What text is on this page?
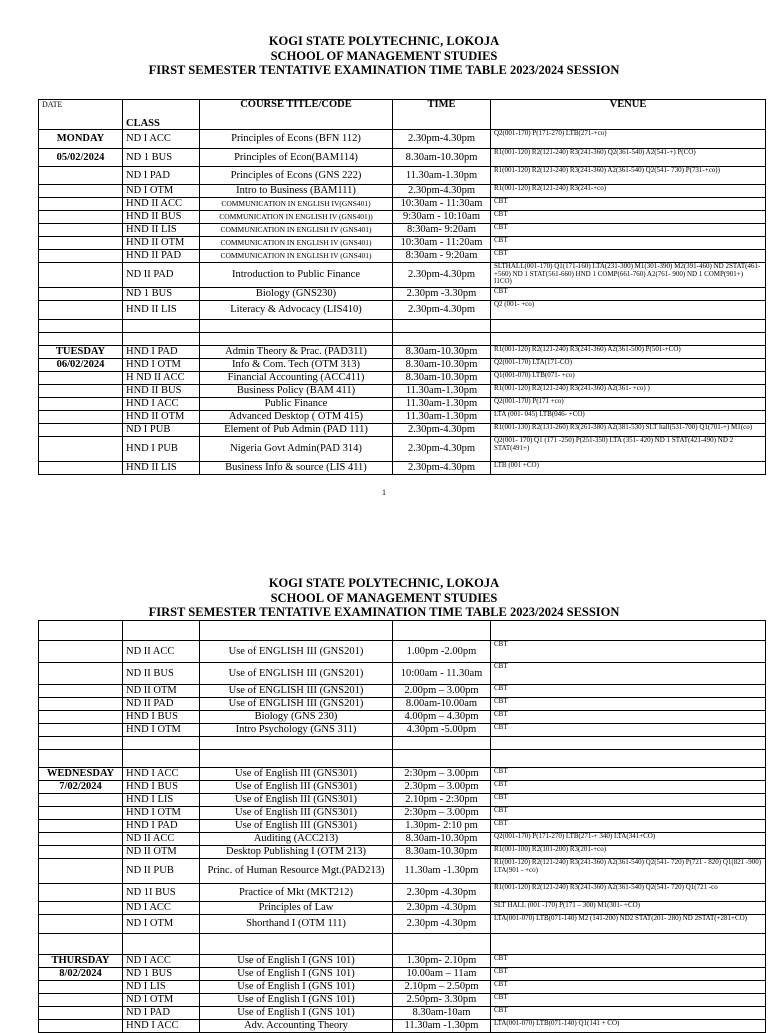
KOGI STATE POLYTECHNIC, LOKOJA
SCHOOL OF MANAGEMENT STUDIES
FIRST SEMESTER TENTATIVE EXAMINATION TIME TABLE 2023/2024 SESSION
DATE	CLASS	COURSE TITLE/CODE	TIME	VENUE
MONDAY	ND I ACC	Principles of Econs (BFN 112)	2.30pm-4.30pm	Q2(001-170) P(171-270) LTB(271-+co)
05/02/2024	ND 1 BUS	Principles of Econ(BAM114)	8.30am-10.30pm	R1(001-120) R2(121-240) R3(241-360) Q2(361-540) A2(541-+) P(CO)
	ND I PAD	Principles of Econs (GNS 222)	11.30am-1.30pm	R1(001-120) R2(121-240) R3(241-360) A2(361-540) Q2(541- 730) P(731-+co))
	ND I OTM	Intro to Business (BAM111)	2.30pm-4.30pm	R1(001-120) R2(121-240) R3(241-+co)
	HND II ACC	COMMUNICATION IN ENGLISH IV(GNS401)	10:30am - 11:30am	CBT
	HND II BUS	COMMUNICATION IN ENGLISH IV (GNS401))	9:30am - 10:10am	CBT
	HND II LIS	COMMUNICATION IN ENGLISH IV (GNS401)	8:30am- 9:20am	CBT
	HND II OTM	COMMUNICATION IN ENGLISH IV (GNS401)	10:30am - 11:20am	CBT
	HND II PAD	COMMUNICATION IN ENGLISH IV (GNS401)	8:30am - 9:20am	CBT
	ND II PAD	Introduction to Public Finance	2.30pm-4.30pm	SLTHALL(001-170) Q1(171-160) LTA(231-300) M1(301-390) M2(391-460) ND 2STAT(461-+560) ND 1 STAT(561-660) HND 1 COMP(661-760) A2(761- 900) ND 1 COMP(901+) I1CO)
	ND 1 BUS	Biology (GNS230)	2.30pm -3.30pm	CBT
	HND II LIS	Literacy & Advocacy (LIS410)	2.30pm-4.30pm	Q2 (001- +co)

TUESDAY	HND I PAD	Admin Theory & Prac. (PAD311)	8.30am-10.30pm	R1(001-120) R2(121-240) R3(241-360) A2(361-500) P(501-+CO)
06/02/2024	HND I OTM	Info & Com. Tech (OTM 313)	8.30am-10.30pm	Q2(001-170) LTA(171-CO)
	H ND II ACC	Financial Accounting (ACC411)	8.30am-10.30pm	Q1(001-070) LTB(071- +co)
	HND II BUS	Business Policy (BAM 411)	11.30am-1.30pm	R1(001-120) R2(121-240) R3(241-360) A2(361- +co) )
	HND I ACC	Public Finance	11.30am-1.30pm	Q2(001-170) P(171 +co)
	HND II OTM	Advanced Desktop ( OTM 415)	11.30am-1.30pm	LTA (001- 045) LTB(046- +CO)
	ND I PUB	Element of Pub Admin (PAD 111)	2.30pm-4.30pm	R1(001-130) R2(131-260) R3(261-380) A2(381-530) SLT hall(531-700) Q1(701-+) M1(co)
	HND I PUB	Nigeria Govt Admin(PAD 314)	2.30pm-4.30pm	Q2(001- 170) Q1 (171 -250) P(251-350) LTA (351- 420) ND 1 STAT(421-490) ND 2 STAT(491+)
	HND II LIS	Business Info & source (LIS 411)	2.30pm-4.30pm	LTB (001 +CO)
1
KOGI STATE POLYTECHNIC, LOKOJA
SCHOOL OF MANAGEMENT STUDIES
FIRST SEMESTER TENTATIVE EXAMINATION TIME TABLE 2023/2024 SESSION

	ND II ACC	Use of ENGLISH III (GNS201)	1.00pm -2.00pm	CBT
	ND II BUS	Use of ENGLISH III (GNS201)	10:00am - 11.30am	CBT
	ND II OTM	Use of ENGLISH III (GNS201)	2.00pm – 3.00pm	CBT
	ND II PAD	Use of ENGLISH III (GNS201)	8.00am-10.00am	CBT
	HND I BUS	Biology (GNS 230)	4.00pm – 4.30pm	CBT
	HND I OTM	Intro Psychology (GNS 311)	4.30pm -5.00pm	CBT

WEDNESDAY	HND I ACC	Use of English III (GNS301)	2:30pm – 3.00pm	CBT
7/02/2024	HND I BUS	Use of English III (GNS301)	2.30pm – 3.00pm	CBT
	HND I LIS	Use of English III (GNS301)	2.10pm - 2:30pm	CBT
	HND I OTM	Use of English III (GNS301)	2:30pm – 3.00pm	CBT
	HND I PAD	Use of English III (GNS301)	1.30pm- 2:10 pm	CBT
	ND II ACC	Auditing (ACC213)	8.30am-10.30pm	Q2(001-170) P(171-270) LTB(271-+ 340) LTA(341+CO)
	ND II OTM	Desktop Publishing I (OTM 213)	8.30am-10.30pm	R1(001-100) R2(101-200) R3(201-+co)
	ND II PUB	Princ. of Human Resource Mgt.(PAD213)	11.30am -1.30pm	R1(001-120) R2(121-240) R3(241-360) A2(361-540) Q2(541- 720) P(721 - 820) Q1(821 -900) LTA(901 - +co)
	ND 1I BUS	Practice of Mkt (MKT212)	2.30pm -4.30pm	R1(001-120) R2(121-240) R3(241-360) A2(361-540) Q2(541- 720) Q1(721 -co
	ND I ACC	Principles of Law	2.30pm -4.30pm	SLT HALL (001 -170) P(171 – 300) M1(301- +CO)
	ND I OTM	Shorthand I (OTM 111)	2.30pm -4.30pm	LTA(001-070) LTB(071-140) M2 (141-200) ND2 STAT(201- 280) ND 2STAT(+281+CO)

THURSDAY	ND I ACC	Use of English I (GNS 101)	1.30pm- 2.10pm	CBT
8/02/2024	ND 1 BUS	Use of English I (GNS 101)	10.00am – 11am	CBT
	ND I LIS	Use of English I (GNS 101)	2.10pm – 2.50pm	CBT
	ND I OTM	Use of English I (GNS 101)	2.50pm- 3.30pm	CBT
	ND I PAD	Use of English I (GNS 101)	8.30am-10am	CBT
	HND I ACC	Adv. Accounting Theory	11.30am -1.30pm	LTA(001-070) LTB(071-140) Q1(141 + CO)
